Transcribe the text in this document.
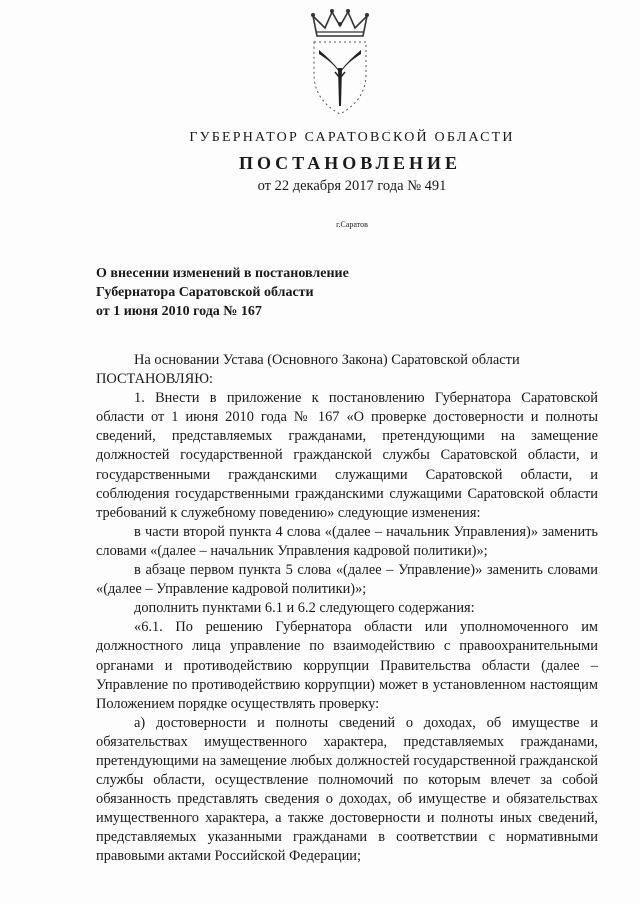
ГУБЕРНАТОР САРАТОВСКОЙ ОБЛАСТИ
ПОСТАНОВЛЕНИЕ
от 22 декабря 2017 года № 491
г.Саратов
О внесении изменений в постановление
Губернатора Саратовской области
от 1 июня 2010 года № 167

На основании Устава (Основного Закона) Саратовской области

ПОСТАНОВЛЯЮ:

1. Внести в приложение к постановлению Губернатора Саратовской области от 1 июня 2010 года № 167 «О проверке достоверности и полноты сведений, представляемых гражданами, претендующими на замещение должностей государственной гражданской службы Саратовской области, и государственными гражданскими служащими Саратовской области, и соблюдения государственными гражданскими служащими Саратовской области требований к служебному поведению» следующие изменения:

в части второй пункта 4 слова «(далее – начальник Управления)» заменить словами «(далее – начальник Управления кадровой политики)»;

в абзаце первом пункта 5 слова «(далее – Управление)» заменить словами «(далее – Управление кадровой политики)»;

дополнить пунктами 6.1 и 6.2 следующего содержания:

«6.1. По решению Губернатора области или уполномоченного им должностного лица управление по взаимодействию с правоохранительными органами и противодействию коррупции Правительства области (далее – Управление по противодействию коррупции) может в установленном настоящим Положением порядке осуществлять проверку:

а) достоверности и полноты сведений о доходах, об имуществе и обязательствах имущественного характера, представляемых гражданами, претендующими на замещение любых должностей государственной гражданской службы области, осуществление полномочий по которым влечет за собой обязанность представлять сведения о доходах, об имуществе и обязательствах имущественного характера, а также достоверности и полноты иных сведений, представляемых указанными гражданами в соответствии с нормативными правовыми актами Российской Федерации;
